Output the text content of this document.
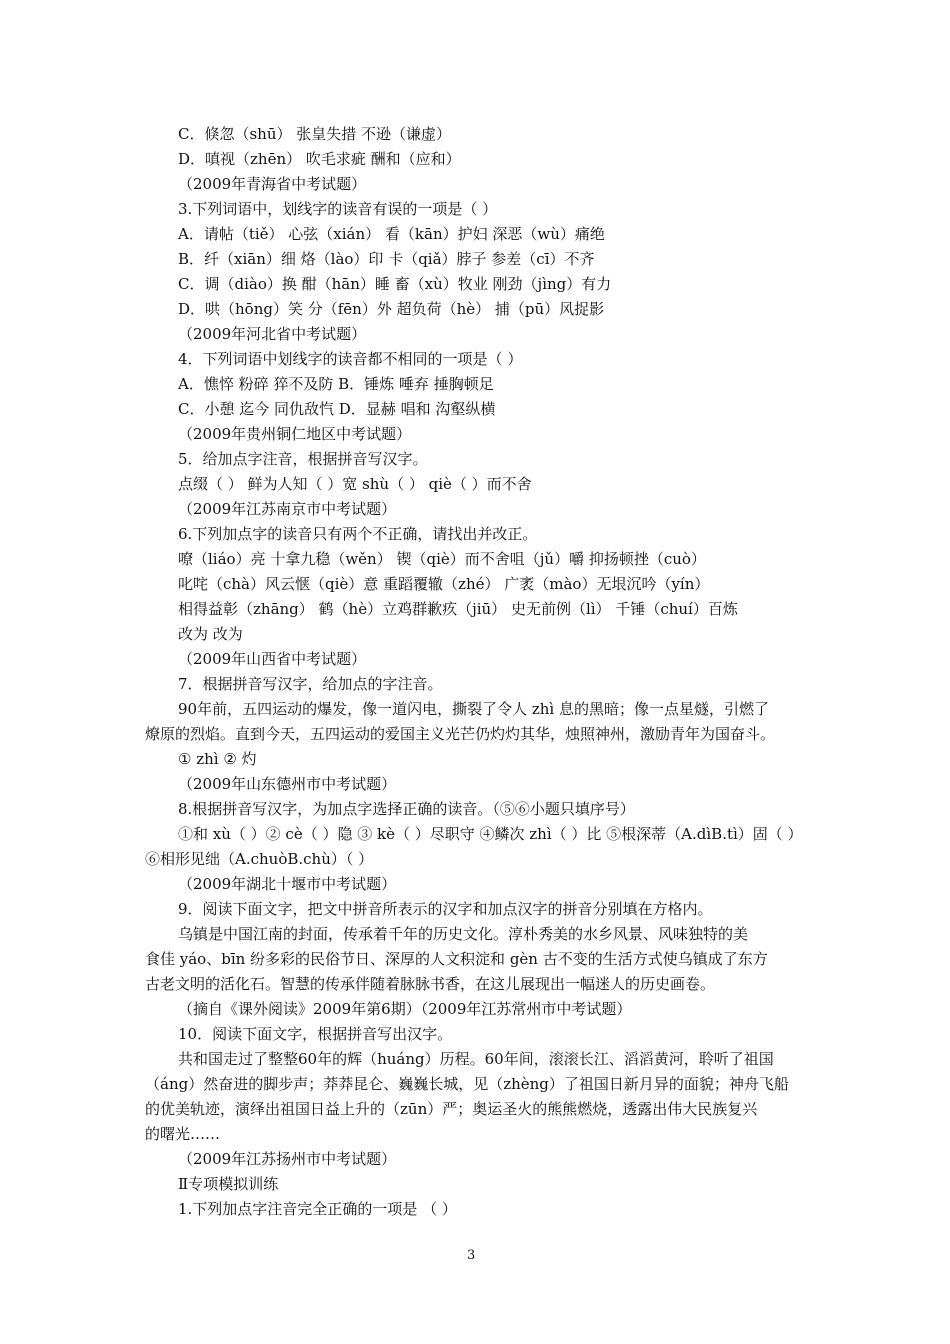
C．倏忽（shū） 张皇失措 不逊（谦虚）
D．嗔视（zhēn） 吹毛求疵 酬和（应和）
（2009年青海省中考试题）
3.下列词语中，划线字的读音有误的一项是（ ）
A．请帖（tiě） 心弦（xián） 看（kān）护妇 深恶（wù）痛绝
B．纤（xiān）细 烙（lào）印 卡（qiǎ）脖子 参差（cī）不齐
C．调（diào）换 酣（hān）睡 畜（xù）牧业 刚劲（jìng）有力
D．哄（hōng）笑 分（fēn）外 超负荷（hè） 捕（pū）风捉影
（2009年河北省中考试题）
4．下列词语中划线字的读音都不相同的一项是（ ）
A．憔悴 粉碎 猝不及防 B．锤炼 唾弃 捶胸顿足
C．小憩 迄今 同仇敌忾 D．显赫 唱和 沟壑纵横
（2009年贵州铜仁地区中考试题）
5．给加点字注音，根据拼音写汉字。
点缀（ ） 鲜为人知（ ）宽 shù（ ） qiè（ ）而不舍
（2009年江苏南京市中考试题）
6.下列加点字的读音只有两个不正确，请找出并改正。
嘹（liáo）亮 十拿九稳（wěn） 锲（qiè）而不舍咀（jǔ）嚼 抑扬顿挫（cuò）
叱咤（chà）风云惬（qiè）意 重蹈覆辙（zhé） 广袤（mào）无垠沉吟（yín）
相得益彰（zhāng） 鹤（hè）立鸡群歉疚（jiū） 史无前例（lì） 千锤（chuí）百炼
改为 改为
（2009年山西省中考试题）
7．根据拼音写汉字，给加点的字注音。
90年前，五四运动的爆发，像一道闪电，撕裂了令人 zhì 息的黑暗；像一点星燧，引燃了
燎原的烈焰。直到今天，五四运动的爱国主义光芒仍灼灼其华，烛照神州，激励青年为国奋斗。
① zhì ② 灼
（2009年山东德州市中考试题）
8.根据拼音写汉字，为加点字选择正确的读音。（⑤⑥小题只填序号）
①和 xù（ ）② cè（ ）隐 ③ kè（ ）尽职守 ④鳞次 zhì（ ）比 ⑤根深蒂（A.dìB.tì）固（ ）
⑥相形见绌（A.chuòB.chù）（ ）
（2009年湖北十堰市中考试题）
9．阅读下面文字，把文中拼音所表示的汉字和加点汉字的拼音分别填在方格内。
乌镇是中国江南的封面，传承着千年的历史文化。淳朴秀美的水乡风景、风味独特的美
食佳 yáo、bīn 纷多彩的民俗节日、深厚的人文积淀和 gèn 古不变的生活方式使乌镇成了东方
古老文明的活化石。智慧的传承伴随着脉脉书香，在这儿展现出一幅迷人的历史画卷。
（摘自《课外阅读》2009年第6期）（2009年江苏常州市中考试题）
10．阅读下面文字，根据拼音写出汉字。
共和国走过了整整60年的辉（huáng）历程。60年间，滚滚长江、滔滔黄河，聆听了祖国
（áng）然奋进的脚步声；莽莽昆仑、巍巍长城，见（zhèng）了祖国日新月异的面貌；神舟飞船
的优美轨迹，演绎出祖国日益上升的（zūn）严；奥运圣火的熊熊燃烧，透露出伟大民族复兴
的曙光……
（2009年江苏扬州市中考试题）
Ⅱ专项模拟训练
1.下列加点字注音完全正确的一项是 （ ）
3
